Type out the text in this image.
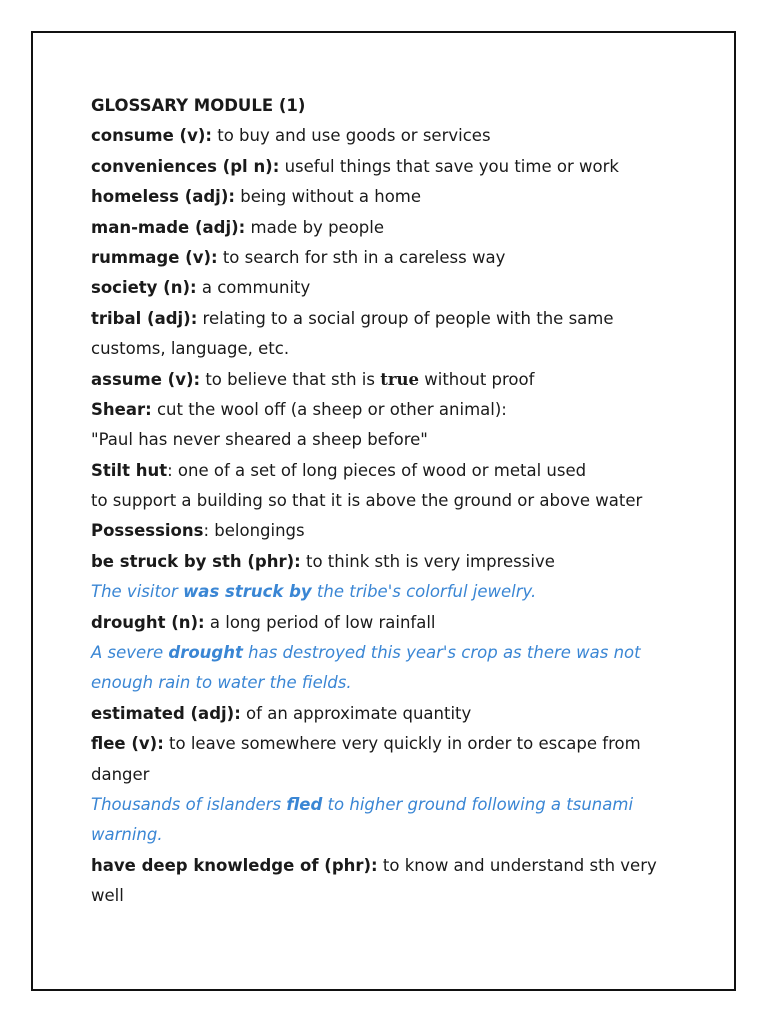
GLOSSARY MODULE (1)
consume (v): to buy and use goods or services
conveniences (pl n): useful things that save you time or work
homeless (adj): being without a home
man-made (adj): made by people
rummage (v): to search for sth in a careless way
society (n): a community
tribal (adj): relating to a social group of people with the same
customs, language, etc.
assume (v): to believe that sth is true without proof
Shear: cut the wool off (a sheep or other animal):
"Paul has never sheared a sheep before"
Stilt hut: one of a set of long pieces of wood or metal used
to support a building so that it is above the ground or above water
Possessions: belongings
be struck by sth (phr): to think sth is very impressive
The visitor was struck by the tribe's colorful jewelry.
drought (n): a long period of low rainfall
A severe drought has destroyed this year's crop as there was not
enough rain to water the fields.
estimated (adj): of an approximate quantity
flee (v): to leave somewhere very quickly in order to escape from
danger
Thousands of islanders fled to higher ground following a tsunami
warning.
have deep knowledge of (phr): to know and understand sth very
well
